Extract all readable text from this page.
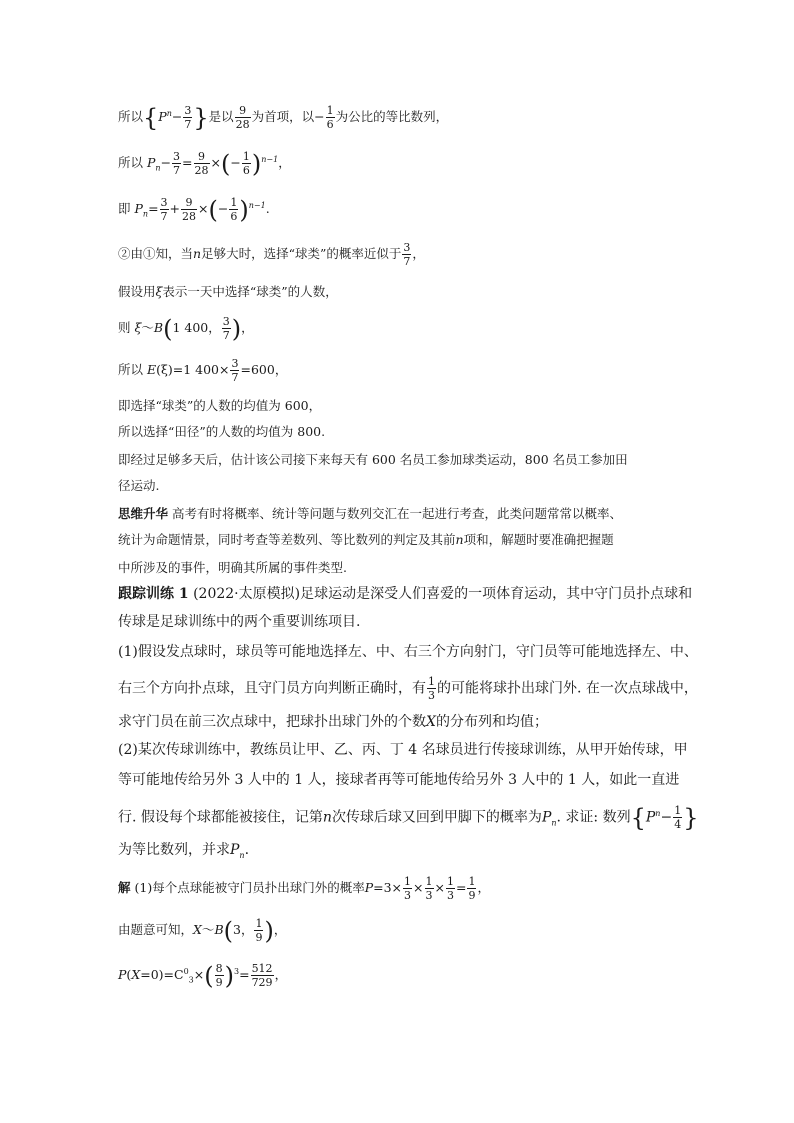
所以{$P^n- \frac{3}{7}$ }是以 $\frac{9}{28}$ 为首项，以− $\frac{1}{6}$ 为公比的等比数列，
所以 $P_n- \frac{3}{7} = \frac{9}{28}$ ×(− $\frac{1}{6} )^{n-1}$，
即 $P_n= \frac{3}{7} + \frac{9}{28}$ ×(− $\frac{1}{6} )^{n-1}$.
②由①知，当n足够大时，选择“球类”的概率近似于 $\frac{3}{7}$ ，
假设用ξ表示一天中选择“球类”的人数，
则 ξ～B(1 400， $\frac{3}{7}$ )，
所以 E(ξ)=1 $400\times \frac{3}{7} =600$，
即选择“球类”的人数的均值为 600，
所以选择“田径”的人数的均值为 800.
即经过足够多天后，估计该公司接下来每天有 600 名员工参加球类运动，800 名员工参加田
径运动.
思维升华 高考有时将概率、统计等问题与数列交汇在一起进行考查，此类问题常常以概率、
统计为命题情景，同时考查等差数列、等比数列的判定及其前n项和，解题时要准确把握题
中所涉及的事件，明确其所属的事件类型.
跟踪训练 1 (2022·太原模拟)足球运动是深受人们喜爱的一项体育运动，其中守门员扑点球和
传球是足球训练中的两个重要训练项目.
(1)假设发点球时，球员等可能地选择左、中、右三个方向射门，守门员等可能地选择左、中、
右三个方向扑点球，且守门员方向判断正确时，有 $\frac{1}{3}$ 的可能将球扑出球门外. 在一次点球战中，
求守门员在前三次点球中，把球扑出球门外的个数X的分布列和均值；
(2)某次传球训练中，教练员让甲、乙、丙、丁 4 名球员进行传接球训练，从甲开始传球，甲
等可能地传给另外 3 人中的 1 人，接球者再等可能地传给另外 3 人中的 1 人，如此一直进
行. 假设每个球都能被接住，记第n次传球后球又回到甲脚下的概率为$P_n$. 求证: 数列{$P^n- \frac{1}{4}$ }
为等比数列，并求$P_n$.
解 (1)每个点球能被守门员扑出球门外的概率$P=3\times \frac{1}{3} \times \frac{1}{3} \times \frac{1}{3} = \frac{1}{9}$ ，
由题意可知，X～B(3， $\frac{1}{9}$ )，
$P(X=0)=C^0_3\times( \frac{8}{9} )^3= \frac{512}{729}$ ，
